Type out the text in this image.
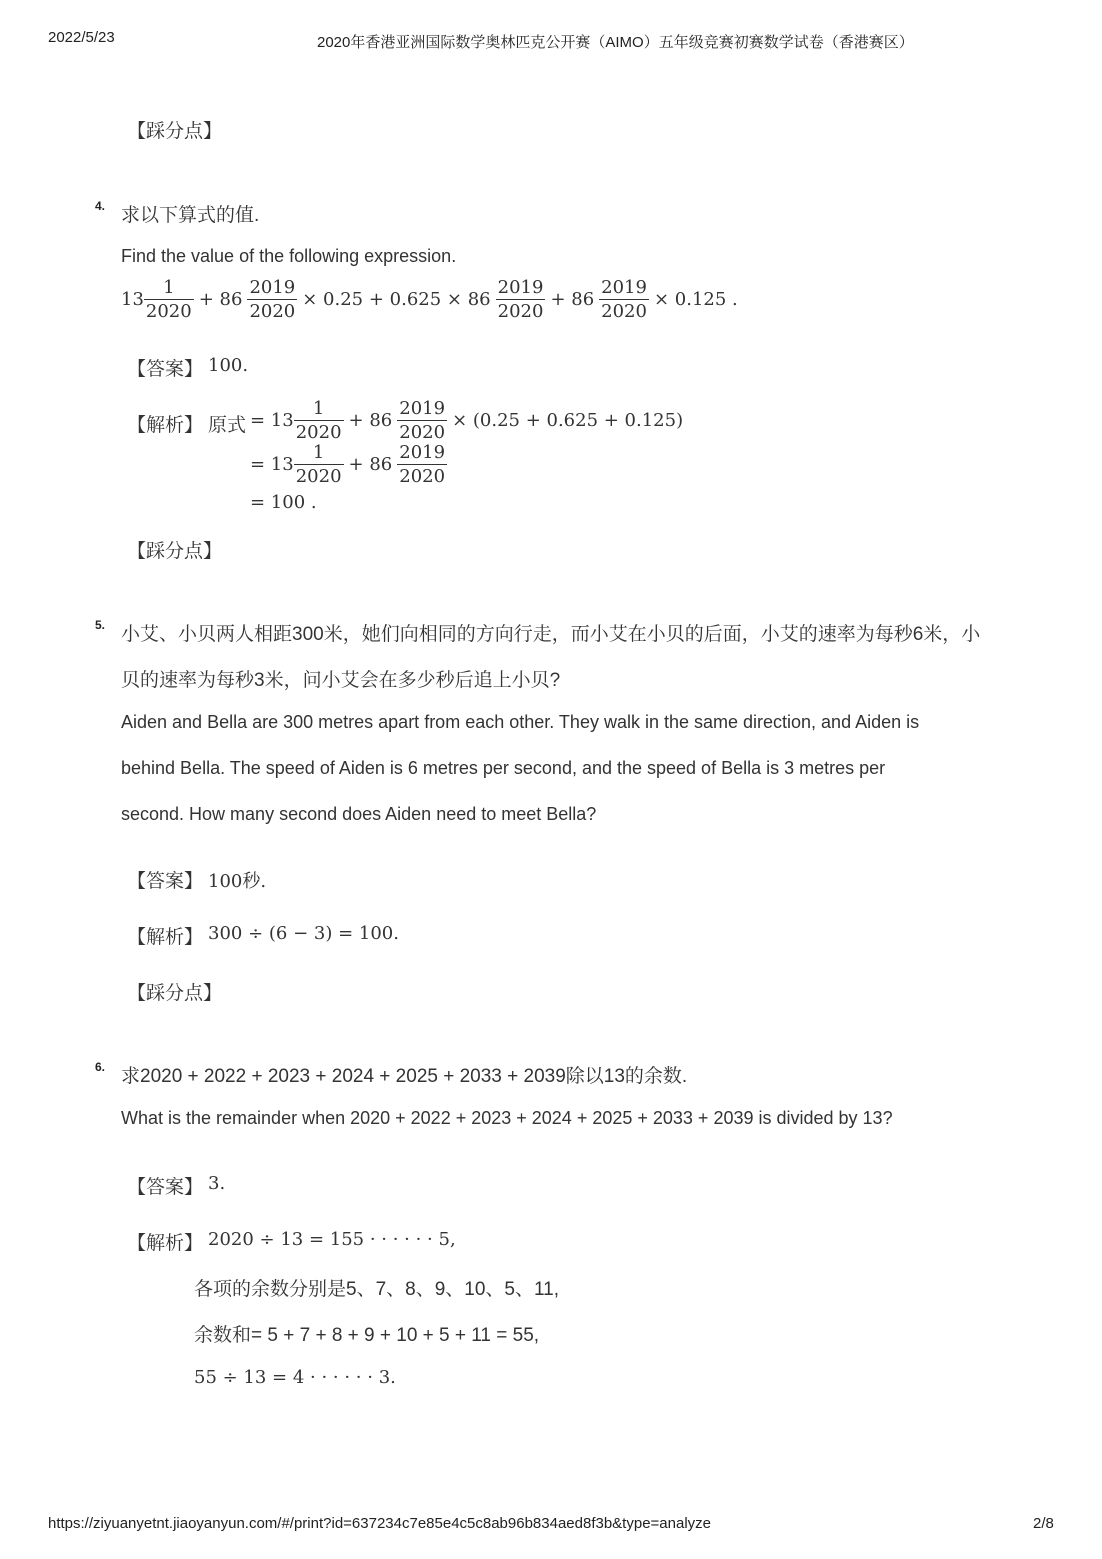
2022/5/23	2020年香港亚洲国际数学奥林匹克公开赛（AIMO）五年级竞赛初赛数学试卷（香港赛区）
【踩分点】
4. 求以下算式的值.
Find the value of the following expression.
$13 \frac{1}{2020} + 86 \frac{2019}{2020} \times 0.25 + 0.625 \times 86 \frac{2019}{2020} + 86 \frac{2019}{2020} \times 0.125$ .
【答案】 100.
【解析】 原式 = $13 \frac{1}{2020} + 86 \frac{2019}{2020} \times (0.25 + 0.625 + 0.125)$
= $13 \frac{1}{2020} + 86 \frac{2019}{2020}$
= 100 .
【踩分点】
5. 小艾、小贝两人相距300米，她们向相同的方向行走，而小艾在小贝的后面，小艾的速率为每秒6米，小
贝的速率为每秒3米，问小艾会在多少秒后追上小贝?
Aiden and Bella are 300 metres apart from each other. They walk in the same direction, and Aiden is
behind Bella. The speed of Aiden is 6 metres per second, and the speed of Bella is 3 metres per
second. How many second does Aiden need to meet Bella?
【答案】 100秒.
【解析】 300 ÷ (6 − 3) = 100.
【踩分点】
6. 求2020 + 2022 + 2023 + 2024 + 2025 + 2033 + 2039除以13的余数.
What is the remainder when 2020 + 2022 + 2023 + 2024 + 2025 + 2033 + 2039 is divided by 13?
【答案】 3.
【解析】 2020 ÷ 13 = 155 · · · · · · 5,
各项的余数分别是5、7、8、9、10、5、11,
余数和= 5 + 7 + 8 + 9 + 10 + 5 + 11 = 55,
55 ÷ 13 = 4 · · · · · · 3.
https://ziyuanyetnt.jiaoyanyun.com/#/print?id=637234c7e85e4c5c8ab96b834aed8f3b&type=analyze	2/8
